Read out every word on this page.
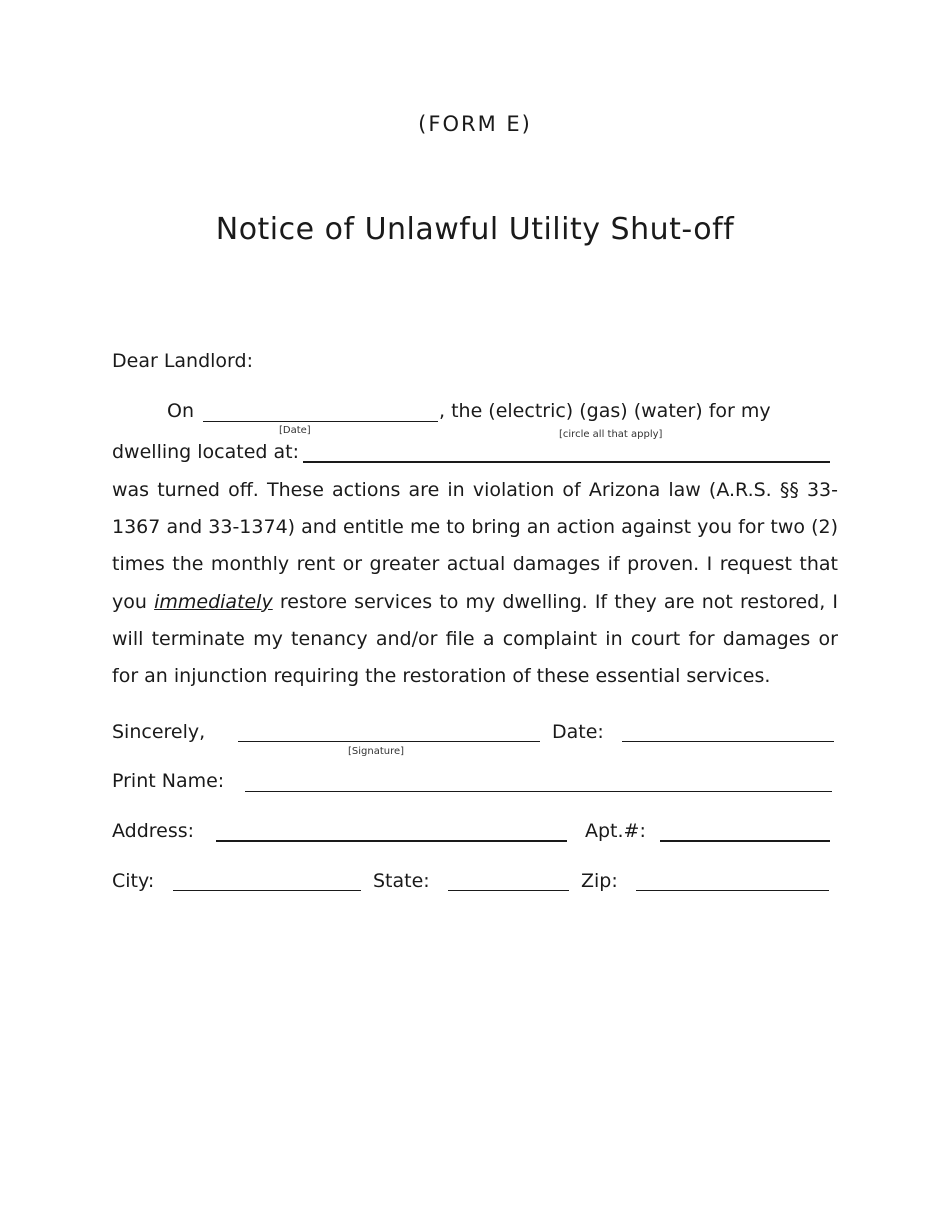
(FORM E)
Notice of Unlawful Utility Shut-off
Dear Landlord:
On
[Date]
, the (electric) (gas) (water) for my
[circle all that apply]
dwelling located at:
was turned off. These actions are in violation of Arizona law (A.R.S. §§ 33-1367 and 33-1374) and entitle me to bring an action against you for two (2) times the monthly rent or greater actual damages if proven. I request that you immediately restore services to my dwelling. If they are not restored, I will terminate my tenancy and/or file a complaint in court for damages or for an injunction requiring the restoration of these essential services.
Sincerely,
[Signature]
Date:
Print Name:
Address:	Apt.#:
City:	State:	Zip:
